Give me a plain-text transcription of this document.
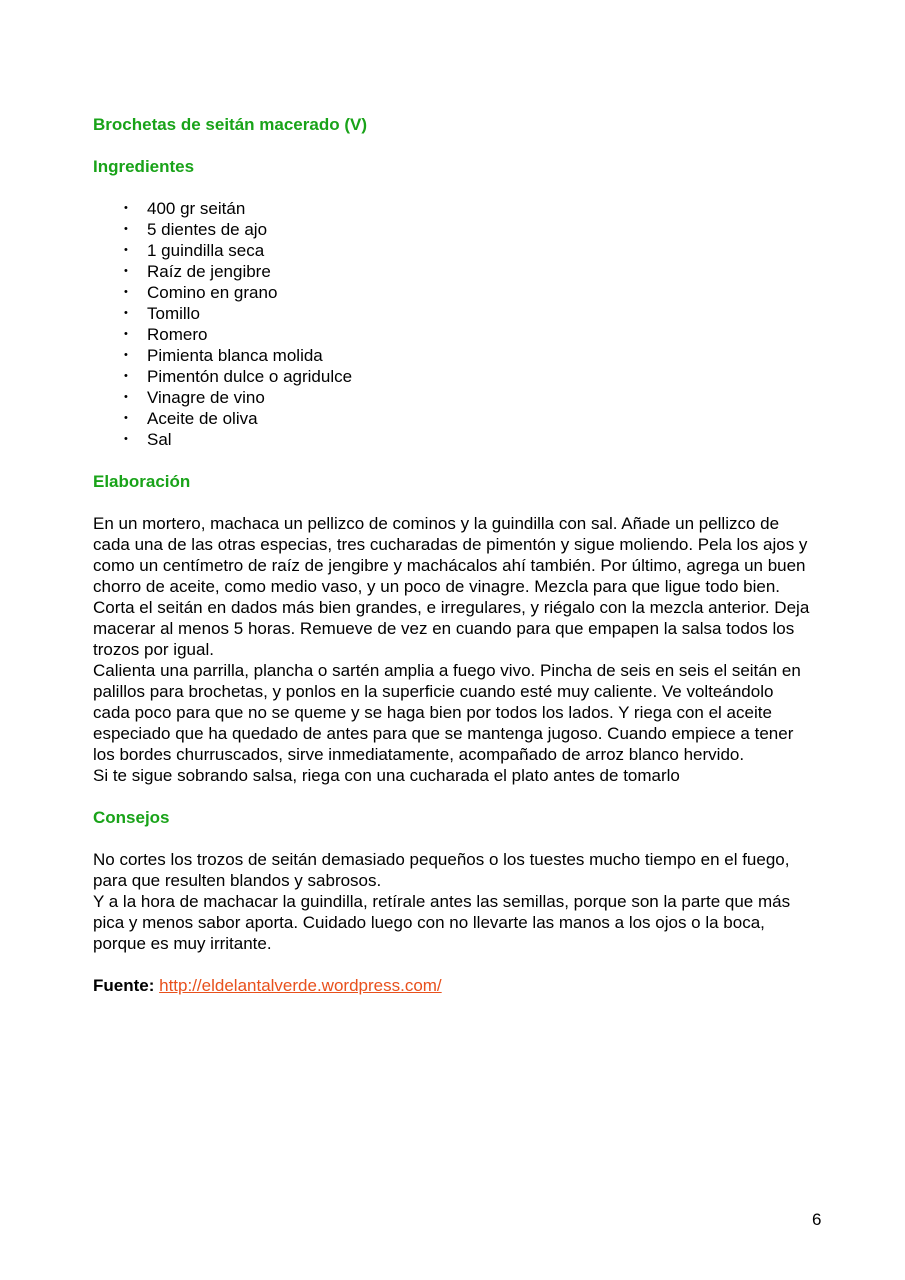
Brochetas de seitán macerado (V)
Ingredientes
• 400 gr seitán
• 5 dientes de ajo
• 1 guindilla seca
• Raíz de jengibre
• Comino en grano
• Tomillo
• Romero
• Pimienta blanca molida
• Pimentón dulce o agridulce
• Vinagre de vino
• Aceite de oliva
• Sal
Elaboración

En un mortero, machaca un pellizco de cominos y la guindilla con sal. Añade un pellizco de cada una de las otras especias, tres cucharadas de pimentón y sigue moliendo. Pela los ajos y como un centímetro de raíz de jengibre y machácalos ahí también. Por último, agrega un buen chorro de aceite, como medio vaso, y un poco de vinagre. Mezcla para que ligue todo bien.

Corta el seitán en dados más bien grandes, e irregulares, y riégalo con la mezcla anterior. Deja macerar al menos 5 horas. Remueve de vez en cuando para que empapen la salsa todos los trozos por igual.

Calienta una parrilla, plancha o sartén amplia a fuego vivo. Pincha de seis en seis el seitán en palillos para brochetas, y ponlos en la superficie cuando esté muy caliente. Ve volteándolo cada poco para que no se queme y se haga bien por todos los lados. Y riega con el aceite especiado que ha quedado de antes para que se mantenga jugoso. Cuando empiece a tener los bordes churruscados, sirve inmediatamente, acompañado de arroz blanco hervido.

Si te sigue sobrando salsa, riega con una cucharada el plato antes de tomarlo

Consejos

No cortes los trozos de seitán demasiado pequeños o los tuestes mucho tiempo en el fuego, para que resulten blandos y sabrosos.

Y a la hora de machacar la guindilla, retírale antes las semillas, porque son la parte que más pica y menos sabor aporta. Cuidado luego con no llevarte las manos a los ojos o la boca, porque es muy irritante.

Fuente: http://eldelantalverde.wordpress.com/

6
